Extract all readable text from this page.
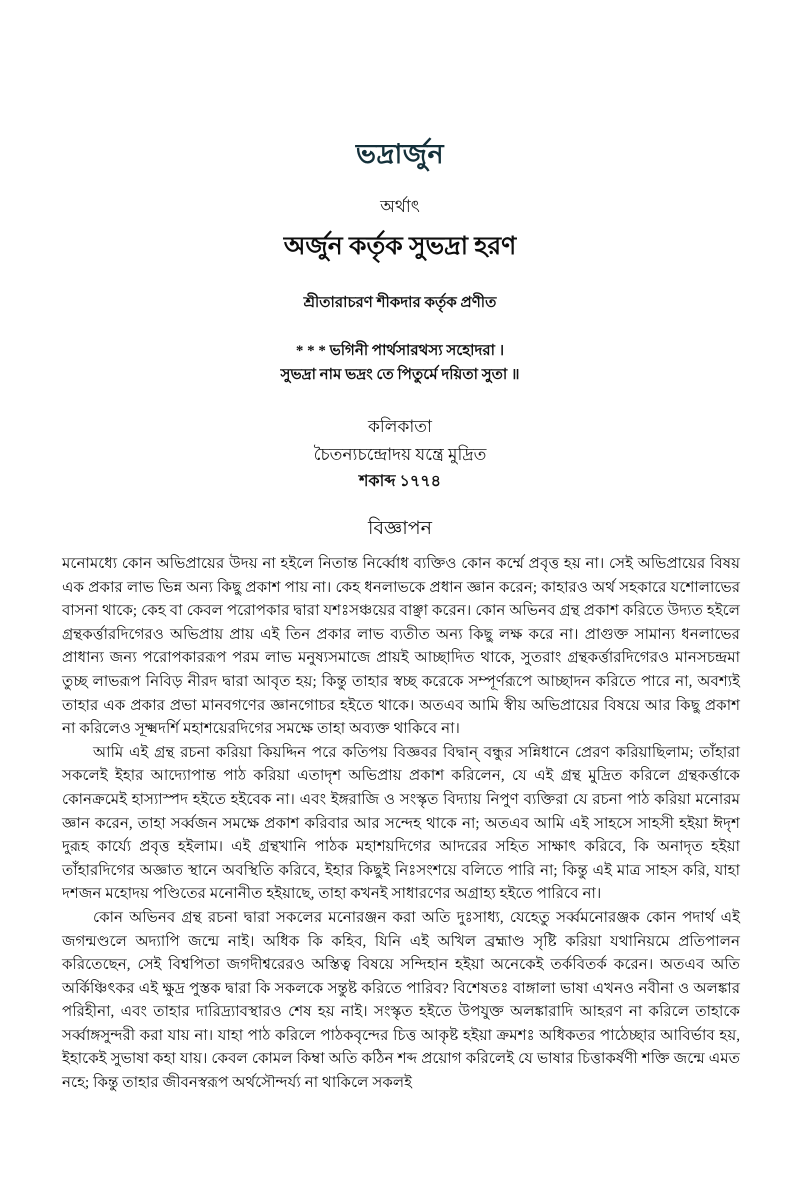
ভদ্রার্জুন
অর্থাৎ
অর্জুন কর্তৃক সুভদ্রা হরণ
শ্রীতারাচরণ শীকদার কর্তৃক প্রণীত
* * * ভগিনী পার্থসারথস্য সহোদরা ।
সুভদ্রা নাম ভদ্রং তে পিতুর্মে দয়িতা সুতা ॥
কলিকাতা
চৈতন্যচন্দ্রোদয় যন্ত্রে মুদ্রিত
শকাব্দ ১৭৭৪
বিজ্ঞাপন

মনোমধ্যে কোন অভিপ্রায়ের উদয় না হইলে নিতান্ত নির্ব্বোধ ব্যক্তিও কোন কর্ম্মে প্রবৃত্ত হয় না। সেই অভিপ্রায়ের বিষয় এক প্রকার লাভ ভিন্ন অন্য কিছু প্রকাশ পায় না। কেহ ধনলাভকে প্রধান জ্ঞান করেন; কাহারও অর্থ সহকারে যশোলাভের বাসনা থাকে; কেহ বা কেবল পরোপকার দ্বারা যশঃসঞ্চয়ের বাঞ্ছা করেন। কোন অভিনব গ্রন্থ প্রকাশ করিতে উদ্যত হইলে গ্রন্থকর্ত্তারদিগেরও অভিপ্রায় প্রায় এই তিন প্রকার লাভ ব্যতীত অন্য কিছু লক্ষ করে না। প্রাগুক্ত সামান্য ধনলাভের প্রাধান্য জন্য পরোপকাররূপ পরম লাভ মনুষ্যসমাজে প্রায়ই আচ্ছাদিত থাকে, সুতরাং গ্রন্থকর্ত্তারদিগেরও মানসচন্দ্রমা তুচ্ছ লাভরূপ নিবিড় নীরদ দ্বারা আবৃত হয়; কিন্তু তাহার স্বচ্ছ করেকে সম্পূর্ণরূপে আচ্ছাদন করিতে পারে না, অবশ্যই তাহার এক প্রকার প্রভা মানবগণের জ্ঞানগোচর হইতে থাকে। অতএব আমি স্বীয় অভিপ্রায়ের বিষয়ে আর কিছু প্রকাশ না করিলেও সূক্ষ্মদর্শি মহাশয়েরদিগের সমক্ষে তাহা অব্যক্ত থাকিবে না।

আমি এই গ্রন্থ রচনা করিয়া কিয়দ্দিন পরে কতিপয় বিজ্ঞবর বিদ্বান্ বন্ধুর সন্নিধানে প্রেরণ করিয়াছিলাম; তাঁহারা সকলেই ইহার আদ্যোপান্ত পাঠ করিয়া এতাদৃশ অভিপ্রায় প্রকাশ করিলেন, যে এই গ্রন্থ মুদ্রিত করিলে গ্রন্থকর্ত্তাকে কোনক্রমেই হাস্যাস্পদ হইতে হইবেক না। এবং ইঙ্গরাজি ও সংস্কৃত বিদ্যায় নিপুণ ব্যক্তিরা যে রচনা পাঠ করিয়া মনোরম জ্ঞান করেন, তাহা সর্ব্বজন সমক্ষে প্রকাশ করিবার আর সন্দেহ থাকে না; অতএব আমি এই সাহসে সাহসী হইয়া ঈদৃশ দুরূহ কার্য্যে প্রবৃত্ত হইলাম। এই গ্রন্থখানি পাঠক মহাশয়দিগের আদরের সহিত সাক্ষাৎ করিবে, কি অনাদৃত হইয়া তাঁহারদিগের অজ্ঞাত স্থানে অবস্থিতি করিবে, ইহার কিছুই নিঃসংশয়ে বলিতে পারি না; কিন্তু এই মাত্র সাহস করি, যাহা দশজন মহোদয় পণ্ডিতের মনোনীত হইয়াছে, তাহা কখনই সাধারণের অগ্রাহ্য হইতে পারিবে না।

কোন অভিনব গ্রন্থ রচনা দ্বারা সকলের মনোরঞ্জন করা অতি দুঃসাধ্য, যেহেতু সর্ব্বমনোরঞ্জক কোন পদার্থ এই জগন্মণ্ডলে অদ্যাপি জন্মে নাই। অধিক কি কহিব, যিনি এই অখিল ব্রহ্মাণ্ড সৃষ্টি করিয়া যথানিয়মে প্রতিপালন করিতেছেন, সেই বিশ্বপিতা জগদীশ্বরেরও অস্তিত্ব বিষয়ে সন্দিহান হইয়া অনেকেই তর্কবিতর্ক করেন। অতএব অতি অর্কিঞ্চিৎকর এই ক্ষুদ্র পুস্তক দ্বারা কি সকলকে সন্তুষ্ট করিতে পারিব? বিশেষতঃ বাঙ্গালা ভাষা এখনও নবীনা ও অলঙ্কার পরিহীনা, এবং তাহার দারিদ্র্যাবস্থারও শেষ হয় নাই। সংস্কৃত হইতে উপযুক্ত অলঙ্কারাদি আহরণ না করিলে তাহাকে সর্ব্বাঙ্গসুন্দরী করা যায় না। যাহা পাঠ করিলে পাঠকবৃন্দের চিত্ত আকৃষ্ট হইয়া ক্রমশঃ অধিকতর পাঠেচ্ছার আবির্ভাব হয়, ইহাকেই সুভাষা কহা যায়। কেবল কোমল কিম্বা অতি কঠিন শব্দ প্রয়োগ করিলেই যে ভাষার চিত্তাকর্ষণী শক্তি জন্মে এমত নহে; কিন্তু তাহার জীবনস্বরূপ অর্থসৌন্দর্য্য না থাকিলে সকলই
